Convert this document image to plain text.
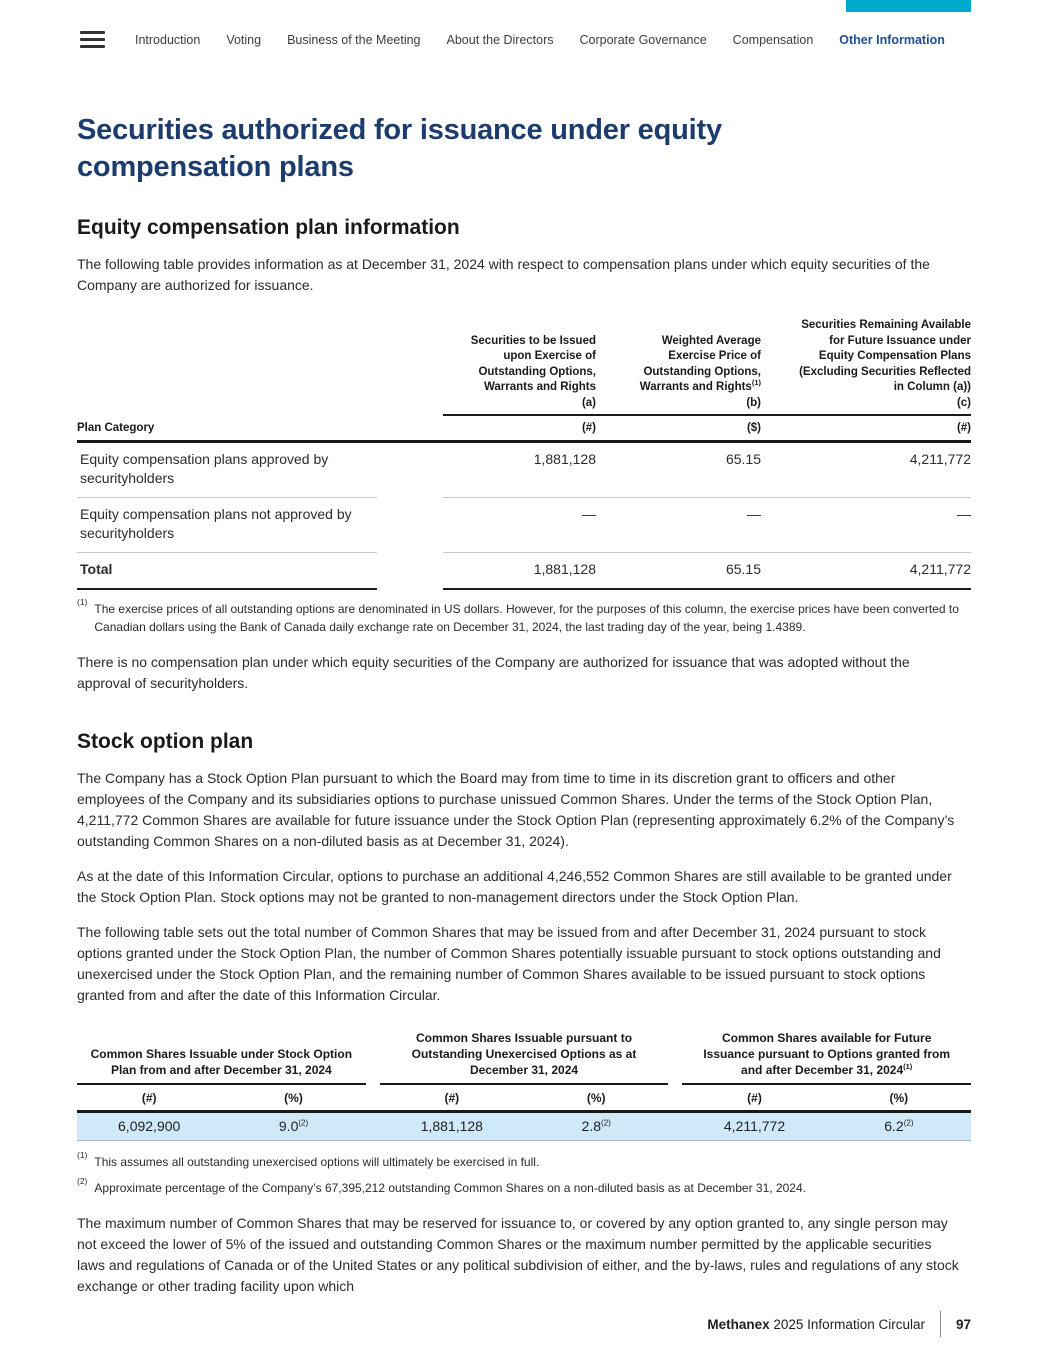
Introduction Voting Business of the Meeting About the Directors Corporate Governance Compensation Other Information
Securities authorized for issuance under equity
compensation plans
Equity compensation plan information

The following table provides information as at December 31, 2024 with respect to compensation plans under which equity securities of the Company are authorized for issuance.

Securities to be Issued
upon Exercise of
Outstanding Options,
Warrants and Rights
(a)
Weighted Average
Exercise Price of
Outstanding Options,
Warrants and Rights$^{(1)}$
(b)
Securities Remaining Available
for Future Issuance under
Equity Compensation Plans
(Excluding Securities Reflected
in Column (a))
(c)
Plan Category	(#)	($)	(#)
Equity compensation plans approved by securityholders
1,881,128	65.15	4,211,772
Equity compensation plans not approved by securityholders
—	—	—
Total	1,881,128	65.15	4,211,772
$^{(1)}$ The exercise prices of all outstanding options are denominated in US dollars. However, for the purposes of this column, the exercise prices have been converted to Canadian dollars using the Bank of Canada daily exchange rate on December 31, 2024, the last trading day of the year, being 1.4389.

There is no compensation plan under which equity securities of the Company are authorized for issuance that was adopted without the approval of securityholders.

Stock option plan

The Company has a Stock Option Plan pursuant to which the Board may from time to time in its discretion grant to officers and other employees of the Company and its subsidiaries options to purchase unissued Common Shares. Under the terms of the Stock Option Plan, 4,211,772 Common Shares are available for future issuance under the Stock Option Plan (representing approximately 6.2% of the Company’s outstanding Common Shares on a non-diluted basis as at December 31, 2024).

As at the date of this Information Circular, options to purchase an additional 4,246,552 Common Shares are still available to be granted under the Stock Option Plan. Stock options may not be granted to non-management directors under the Stock Option Plan.

The following table sets out the total number of Common Shares that may be issued from and after December 31, 2024 pursuant to stock options granted under the Stock Option Plan, the number of Common Shares potentially issuable pursuant to stock options outstanding and unexercised under the Stock Option Plan, and the remaining number of Common Shares available to be issued pursuant to stock options granted from and after the date of this Information Circular.

Common Shares Issuable under Stock Option
Plan from and after December 31, 2024
Common Shares Issuable pursuant to
Outstanding Unexercised Options as at
December 31, 2024
Common Shares available for Future
Issuance pursuant to Options granted from
and after December 31, 2024$^{(1)}$
(#)	(%)	(#)	(%)	(#)	(%)
6,092,900	9.0$^{(2)}$	1,881,128	2.8$^{(2)}$	4,211,772	6.2$^{(2)}$
$^{(1)}$ This assumes all outstanding unexercised options will ultimately be exercised in full.
$^{(2)}$ Approximate percentage of the Company’s 67,395,212 outstanding Common Shares on a non-diluted basis as at December 31, 2024.

The maximum number of Common Shares that may be reserved for issuance to, or covered by any option granted to, any single person may not exceed the lower of 5% of the issued and outstanding Common Shares or the maximum number permitted by the applicable securities laws and regulations of Canada or of the United States or any political subdivision of either, and the by-laws, rules and regulations of any stock exchange or other trading facility upon which

Methanex 2025 Information Circular 97
